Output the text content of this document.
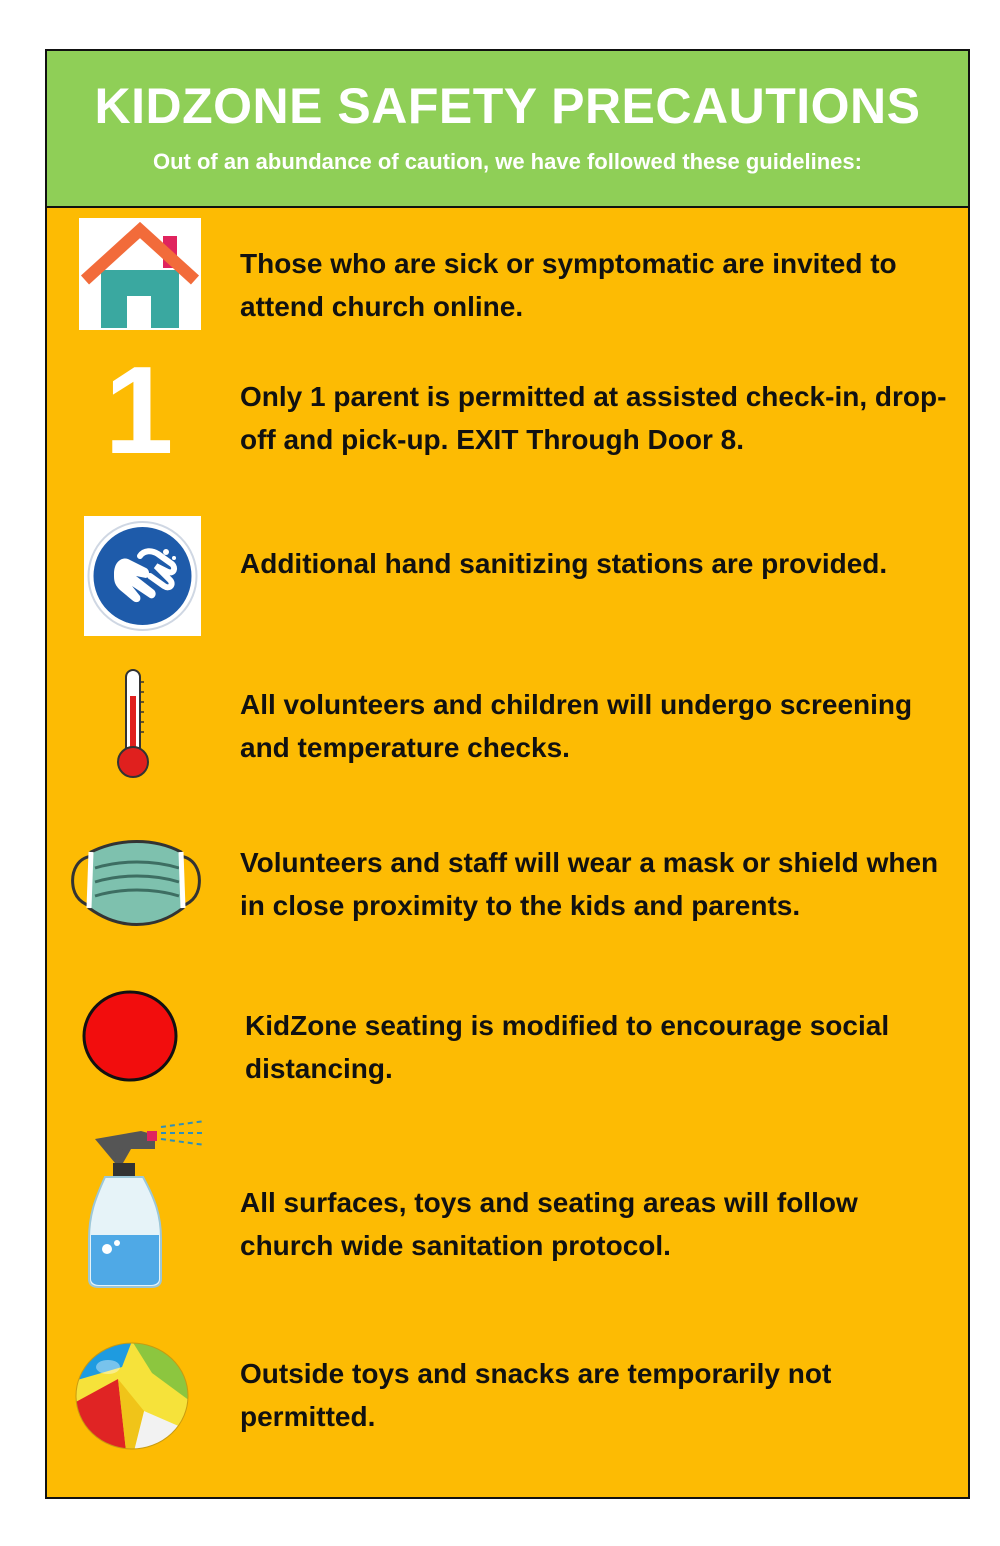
KIDZONE SAFETY PRECAUTIONS
Out of an abundance of caution, we have followed these guidelines:
Those who are sick or symptomatic are invited to attend church online.
1 Only 1 parent is permitted at assisted check-in, drop-off and pick-up. EXIT Through Door 8.
Additional hand sanitizing stations are provided.
All volunteers and children will undergo screening and temperature checks.
Volunteers and staff will wear a mask or shield when in close proximity to the kids and parents.
KidZone seating is modified to encourage social distancing.
All surfaces, toys and seating areas will follow church wide sanitation protocol.
Outside toys and snacks are temporarily not permitted.
